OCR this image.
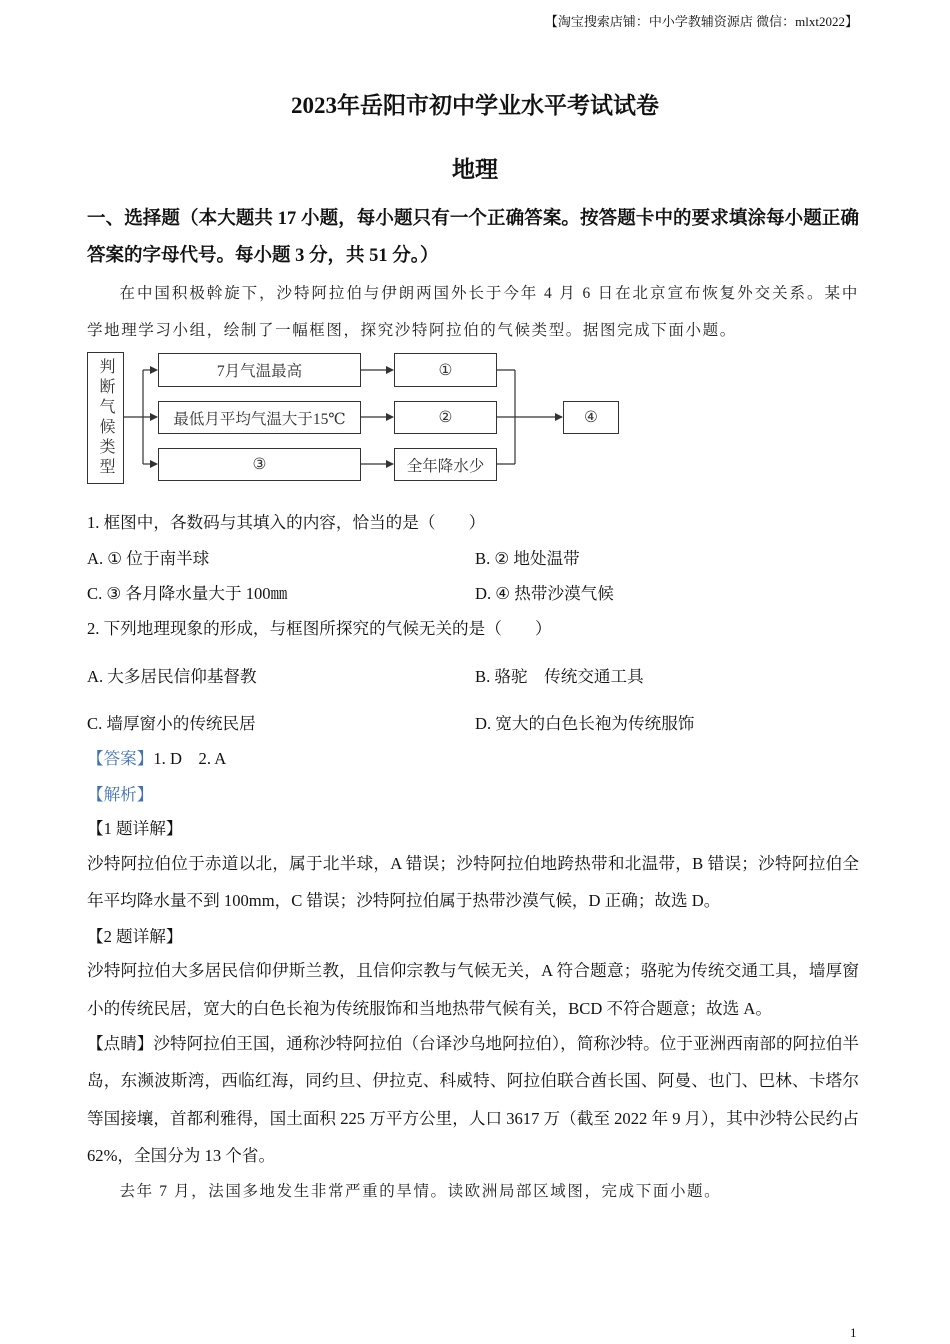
【淘宝搜索店铺：中小学教辅资源店 微信：mlxt2022】
2023年岳阳市初中学业水平考试试卷
地理
一、选择题（本大题共 17 小题，每小题只有一个正确答案。按答题卡中的要求填涂每小题正确答案的字母代号。每小题 3 分，共 51 分。）
在中国积极斡旋下，沙特阿拉伯与伊朗两国外长于今年 4 月 6 日在北京宣布恢复外交关系。某中学地理学习小组，绘制了一幅框图，探究沙特阿拉伯的气候类型。据图完成下面小题。
判断气候类型	7月气温最高
最低月平均气温大于15℃
③
①
②
全年降水少
④
1. 框图中，各数码与其填入的内容，恰当的是（　　）
A. ① 位于南半球	B. ② 地处温带
C. ③ 各月降水量大于 100㎜	D. ④ 热带沙漠气候
2. 下列地理现象的形成，与框图所探究的气候无关的是（　　）
A. 大多居民信仰基督教	B. 骆驼    传统交通工具
C. 墙厚窗小的传统民居	D. 宽大的白色长袍为传统服饰
【答案】1. D    2. A
【解析】
【1 题详解】
沙特阿拉伯位于赤道以北，属于北半球，A 错误；沙特阿拉伯地跨热带和北温带，B 错误；沙特阿拉伯全年平均降水量不到 100mm，C 错误；沙特阿拉伯属于热带沙漠气候，D 正确；故选 D。
【2 题详解】
沙特阿拉伯大多居民信仰伊斯兰教，且信仰宗教与气候无关，A 符合题意；骆驼为传统交通工具，墙厚窗小的传统民居，宽大的白色长袍为传统服饰和当地热带气候有关，BCD 不符合题意；故选 A。
【点睛】沙特阿拉伯王国，通称沙特阿拉伯（台译沙乌地阿拉伯），简称沙特。位于亚洲西南部的阿拉伯半岛，东濒波斯湾，西临红海，同约旦、伊拉克、科威特、阿拉伯联合酋长国、阿曼、也门、巴林、卡塔尔等国接壤，首都利雅得，国土面积 225 万平方公里，人口 3617 万（截至 2022 年 9 月），其中沙特公民约占 62%，全国分为 13 个省。
去年 7 月，法国多地发生非常严重的旱情。读欧洲局部区域图，完成下面小题。
1
